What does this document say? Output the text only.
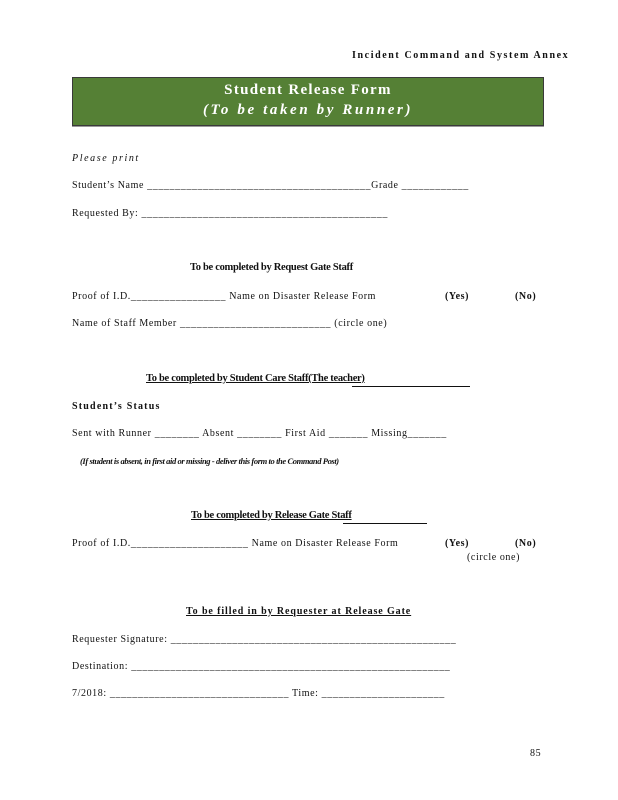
Incident Command and System Annex
Student Release Form
(To be taken by Runner)
Please print
Student’s Name ________________________________________Grade ____________
Requested By: ____________________________________________
To be completed by Request Gate Staff
Proof of I.D._________________ Name on Disaster Release Form	(Yes)	(No)
Name of Staff Member ___________________________ (circle one)
To be completed by Student Care Staff(The teacher)
Student’s Status
Sent with Runner ________ Absent ________ First Aid _______ Missing_______
(If student is absent, in first aid or missing - deliver this form to the Command Post)
To be completed by Release Gate Staff
Proof of I.D._____________________ Name on Disaster Release Form	(Yes)	(No)
(circle one)
To be filled in by Requester at Release Gate
Requester Signature: ___________________________________________________
Destination: _________________________________________________________
7/2018: ________________________________ Time: ______________________
85
